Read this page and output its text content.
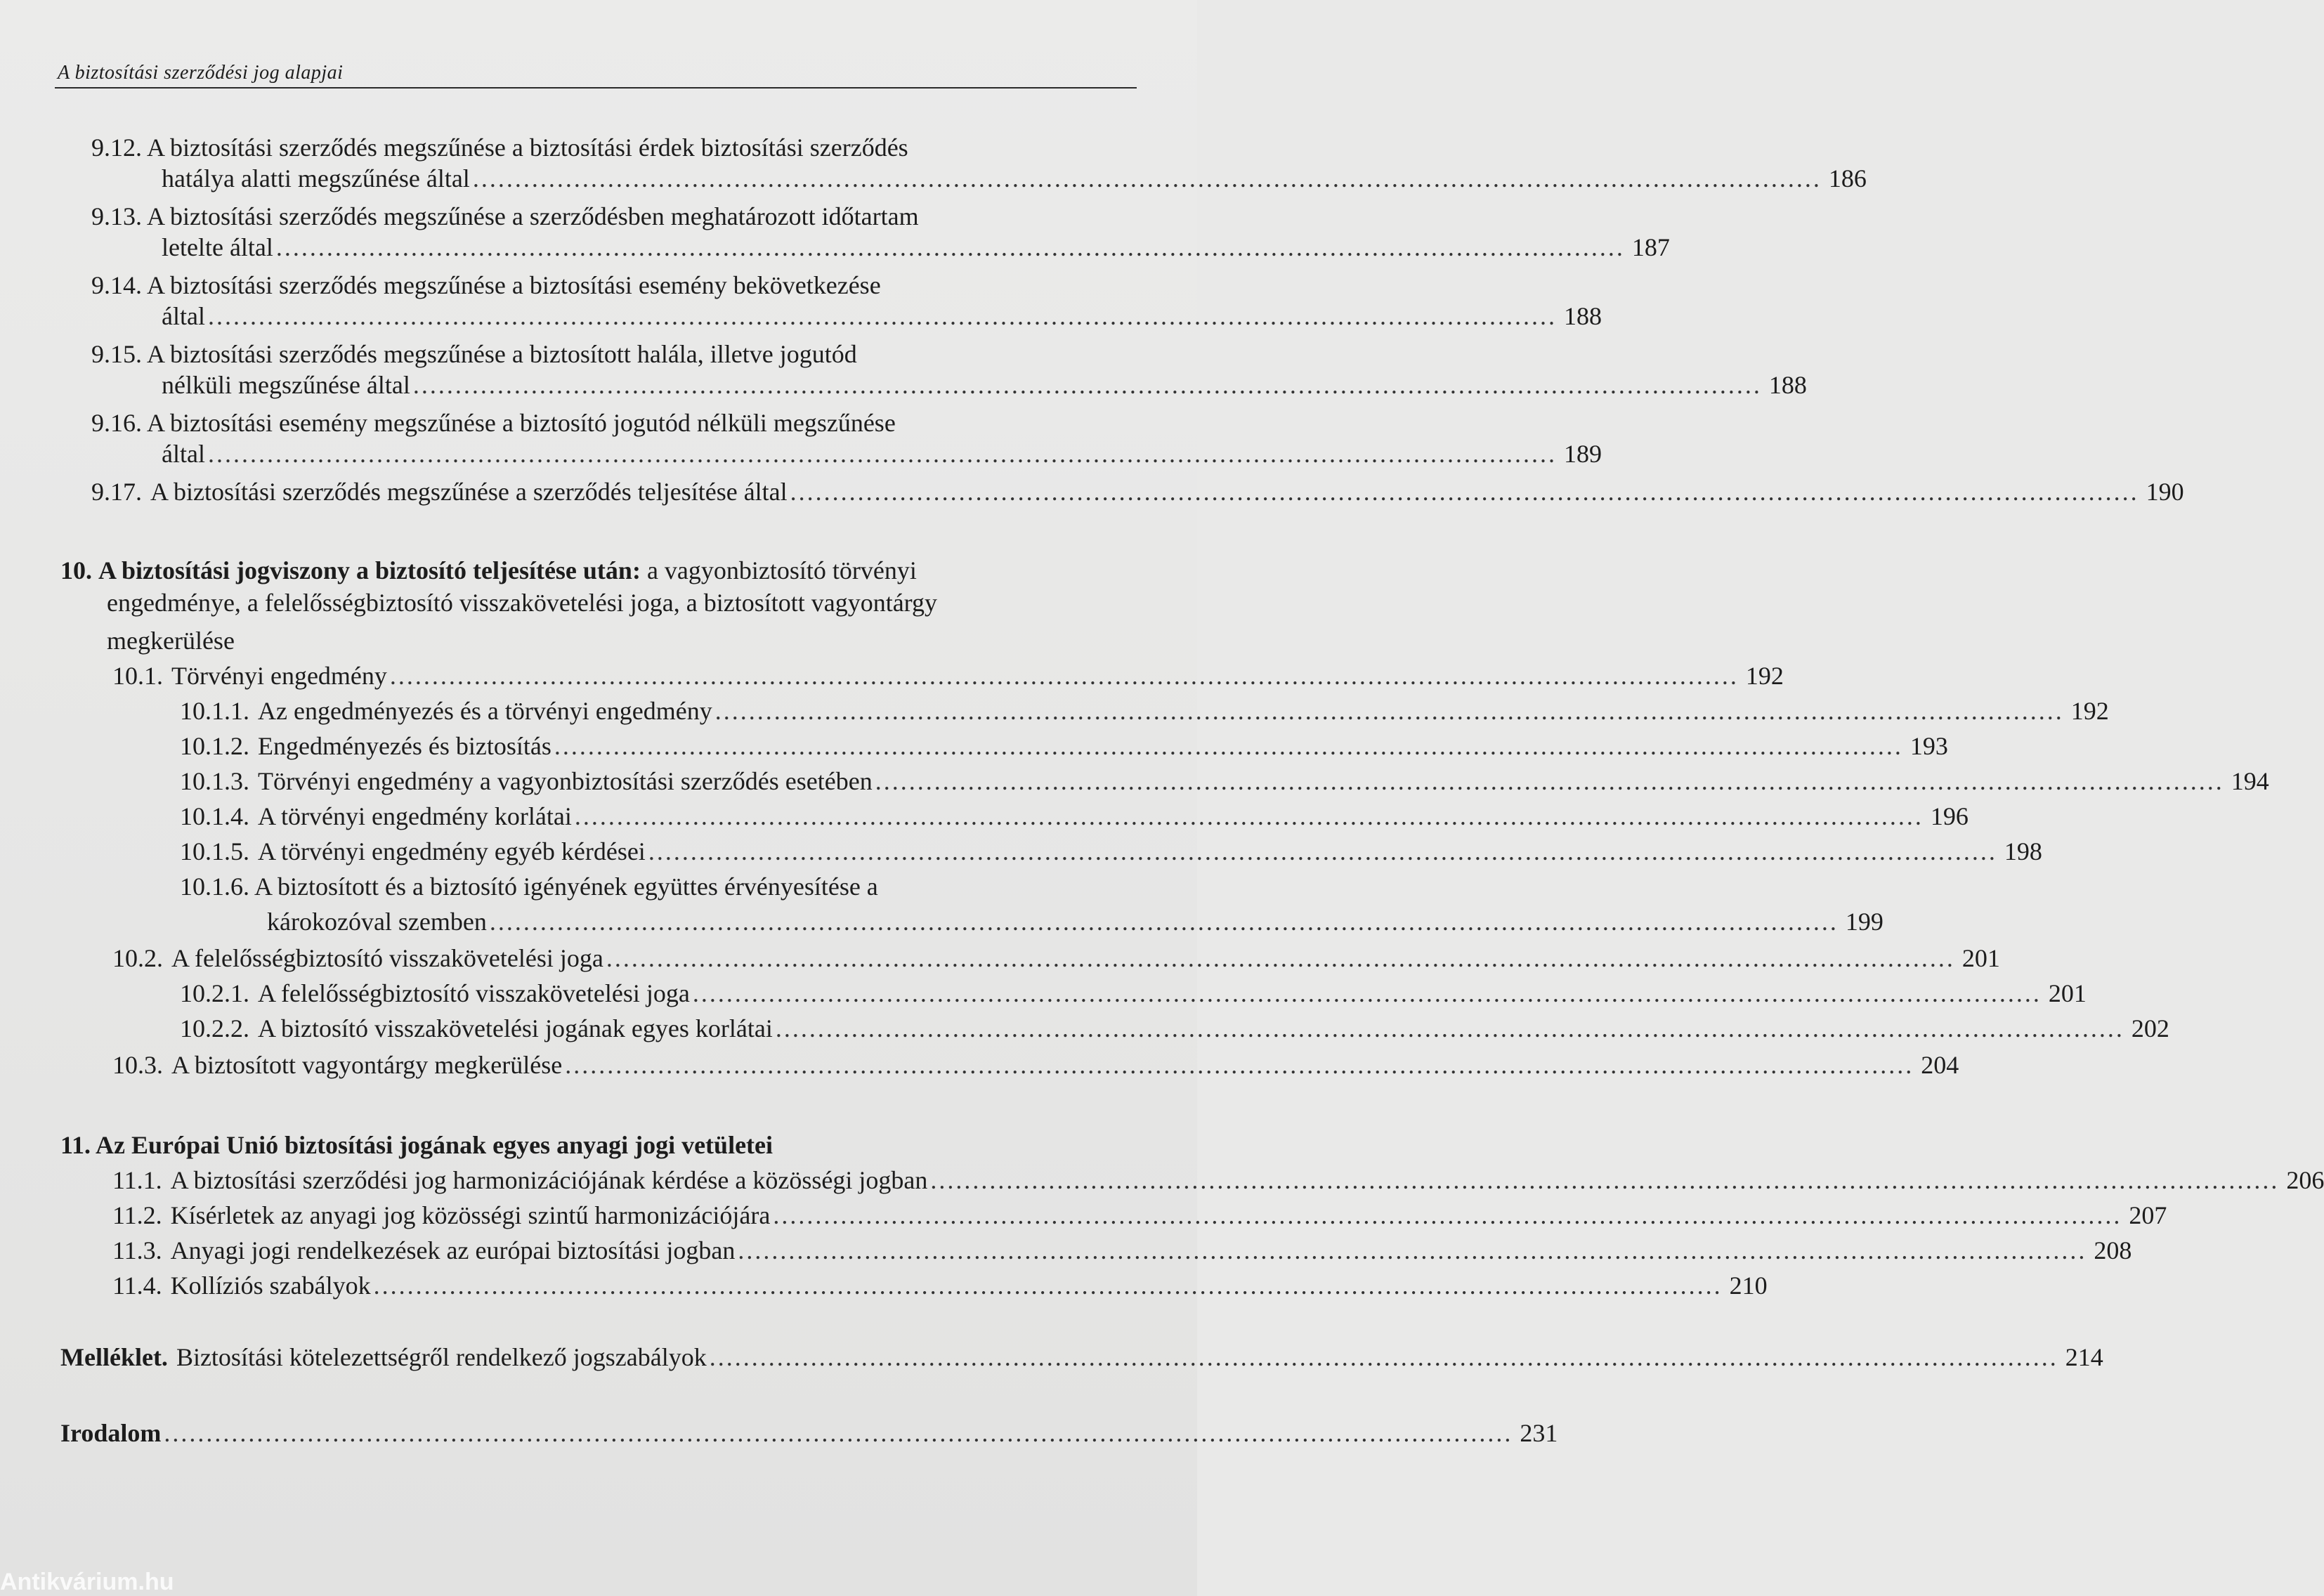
A biztosítási szerződési jog alapjai
9.12. A biztosítási szerződés megszűnése a biztosítási érdek biztosítási szerződés
hatálya alatti megszűnése által ................................................................................................................................................................ 186
9.13. A biztosítási szerződés megszűnése a szerződésben meghatározott időtartam
letelte által ................................................................................................................................................................ 187
9.14. A biztosítási szerződés megszűnése a biztosítási esemény bekövetkezése
által ................................................................................................................................................................ 188
9.15. A biztosítási szerződés megszűnése a biztosított halála, illetve jogutód
nélküli megszűnése által ................................................................................................................................................................ 188
9.16. A biztosítási esemény megszűnése a biztosító jogutód nélküli megszűnése
által ................................................................................................................................................................ 189
9.17. A biztosítási szerződés megszűnése a szerződés teljesítése által ................................................................................................................................................................ 190
10. A biztosítási jogviszony a biztosító teljesítése után: a vagyonbiztosító törvényi
engedménye, a felelősségbiztosító visszakövetelési joga, a biztosított vagyontárgy
megkerülése
10.1. Törvényi engedmény ................................................................................................................................................................ 192
10.1.1. Az engedményezés és a törvényi engedmény ................................................................................................................................................................ 192
10.1.2. Engedményezés és biztosítás ................................................................................................................................................................ 193
10.1.3. Törvényi engedmény a vagyonbiztosítási szerződés esetében ................................................................................................................................................................ 194
10.1.4. A törvényi engedmény korlátai ................................................................................................................................................................ 196
10.1.5. A törvényi engedmény egyéb kérdései ................................................................................................................................................................ 198
10.1.6. A biztosított és a biztosító igényének együttes érvényesítése a
károkozóval szemben ................................................................................................................................................................ 199
10.2. A felelősségbiztosító visszakövetelési joga ................................................................................................................................................................ 201
10.2.1. A felelősségbiztosító visszakövetelési joga ................................................................................................................................................................ 201
10.2.2. A biztosító visszakövetelési jogának egyes korlátai ................................................................................................................................................................ 202
10.3. A biztosított vagyontárgy megkerülése ................................................................................................................................................................ 204
11. Az Európai Unió biztosítási jogának egyes anyagi jogi vetületei
11.1. A biztosítási szerződési jog harmonizációjának kérdése a közösségi jogban ................................................................................................................................................................ 206
11.2. Kísérletek az anyagi jog közösségi szintű harmonizációjára ................................................................................................................................................................ 207
11.3. Anyagi jogi rendelkezések az európai biztosítási jogban ................................................................................................................................................................ 208
11.4. Kollíziós szabályok ................................................................................................................................................................ 210
Melléklet. Biztosítási kötelezettségről rendelkező jogszabályok ................................................................................................................................................................ 214
Irodalom ................................................................................................................................................................ 231
Antikvárium.hu
